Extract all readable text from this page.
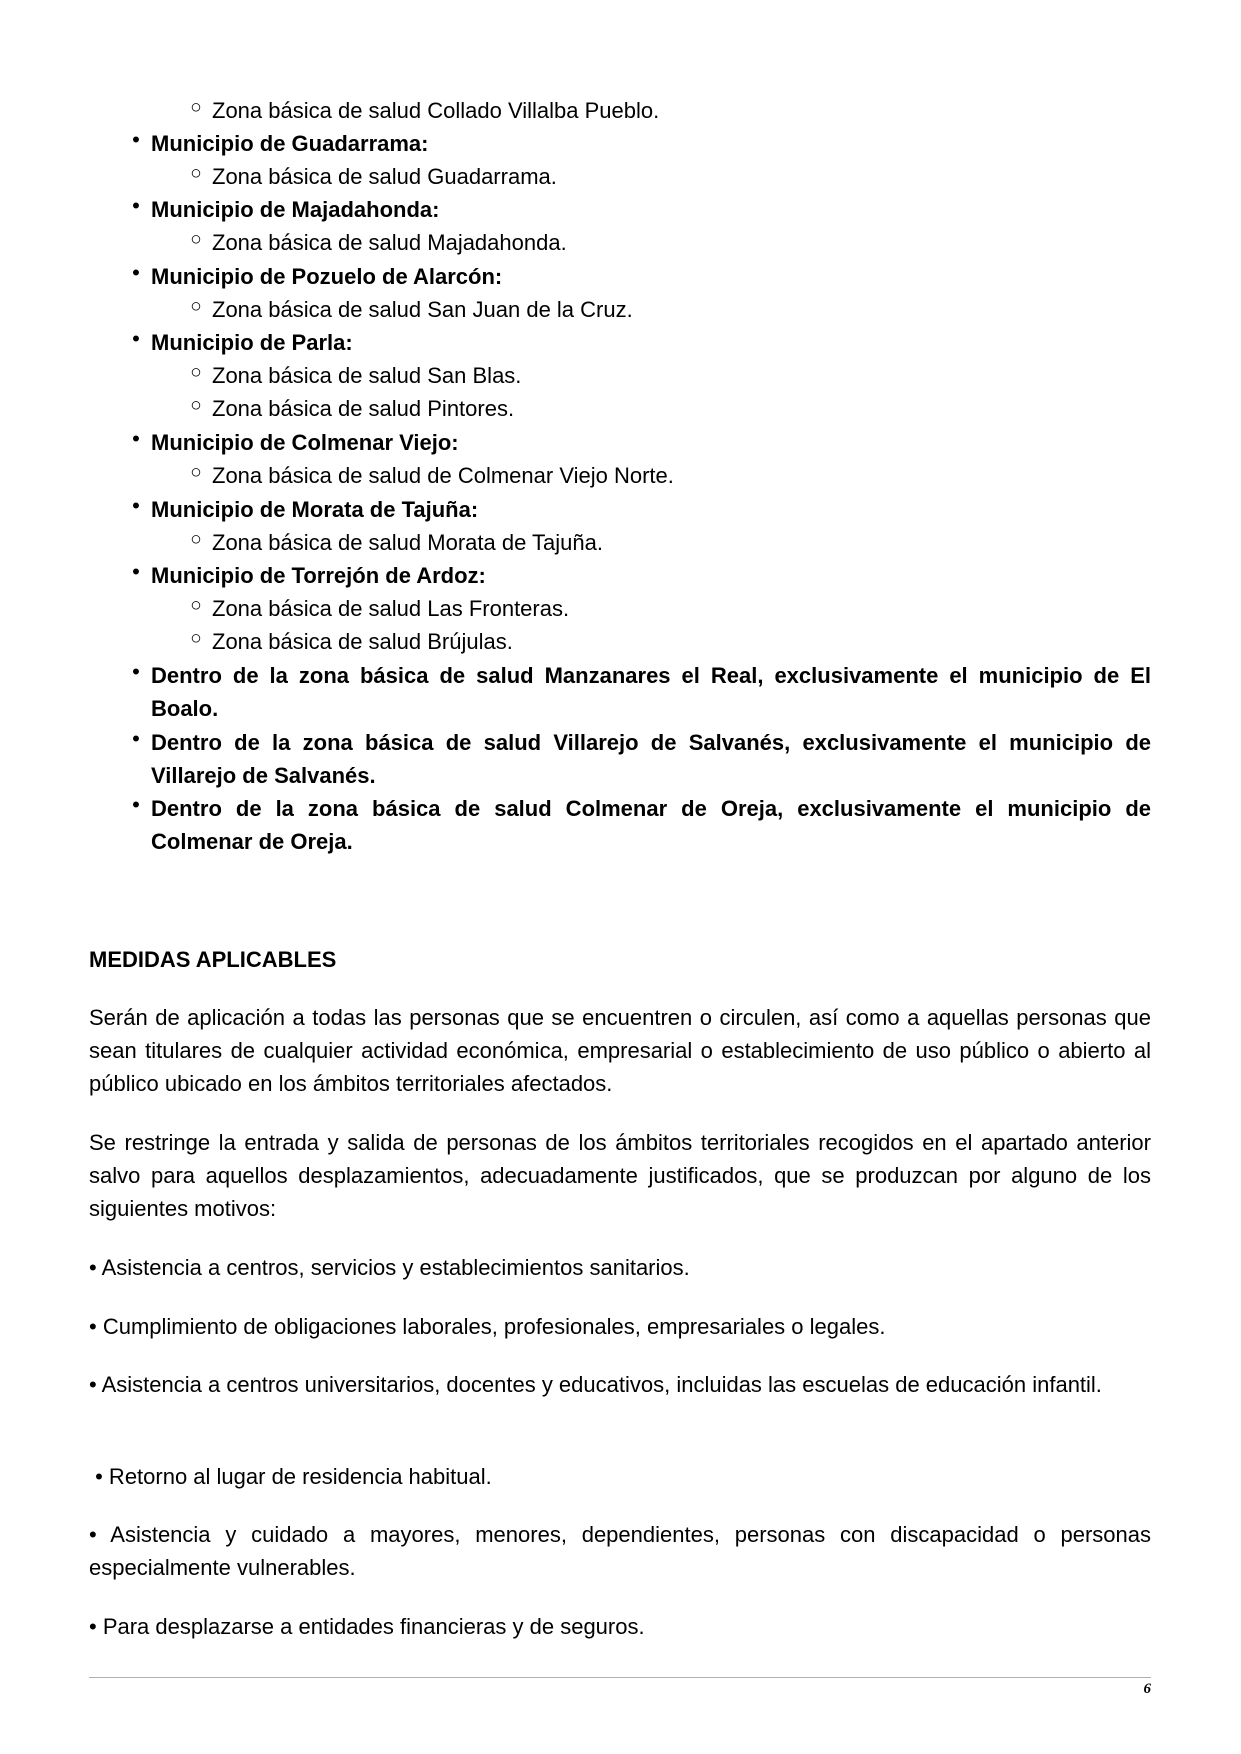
○ Zona básica de salud Collado Villalba Pueblo.
• Municipio de Guadarrama:
○ Zona básica de salud Guadarrama.
• Municipio de Majadahonda:
○ Zona básica de salud Majadahonda.
• Municipio de Pozuelo de Alarcón:
○ Zona básica de salud San Juan de la Cruz.
• Municipio de Parla:
○ Zona básica de salud San Blas.
○ Zona básica de salud Pintores.
• Municipio de Colmenar Viejo:
○ Zona básica de salud de Colmenar Viejo Norte.
• Municipio de Morata de Tajuña:
○ Zona básica de salud Morata de Tajuña.
• Municipio de Torrejón de Ardoz:
○ Zona básica de salud Las Fronteras.
○ Zona básica de salud Brújulas.
• Dentro de la zona básica de salud Manzanares el Real, exclusivamente el municipio de El Boalo.
• Dentro de la zona básica de salud Villarejo de Salvanés, exclusivamente el municipio de Villarejo de Salvanés.
• Dentro de la zona básica de salud Colmenar de Oreja, exclusivamente el municipio de Colmenar de Oreja.
MEDIDAS APLICABLES
Serán de aplicación a todas las personas que se encuentren o circulen, así como a aquellas personas que sean titulares de cualquier actividad económica, empresarial o establecimiento de uso público o abierto al público ubicado en los ámbitos territoriales afectados.
Se restringe la entrada y salida de personas de los ámbitos territoriales recogidos en el apartado anterior salvo para aquellos desplazamientos, adecuadamente justificados, que se produzcan por alguno de los siguientes motivos:
• Asistencia a centros, servicios y establecimientos sanitarios.
• Cumplimiento de obligaciones laborales, profesionales, empresariales o legales.
• Asistencia a centros universitarios, docentes y educativos, incluidas las escuelas de educación infantil.
• Retorno al lugar de residencia habitual.
• Asistencia y cuidado a mayores, menores, dependientes, personas con discapacidad o personas especialmente vulnerables.
• Para desplazarse a entidades financieras y de seguros.
6
